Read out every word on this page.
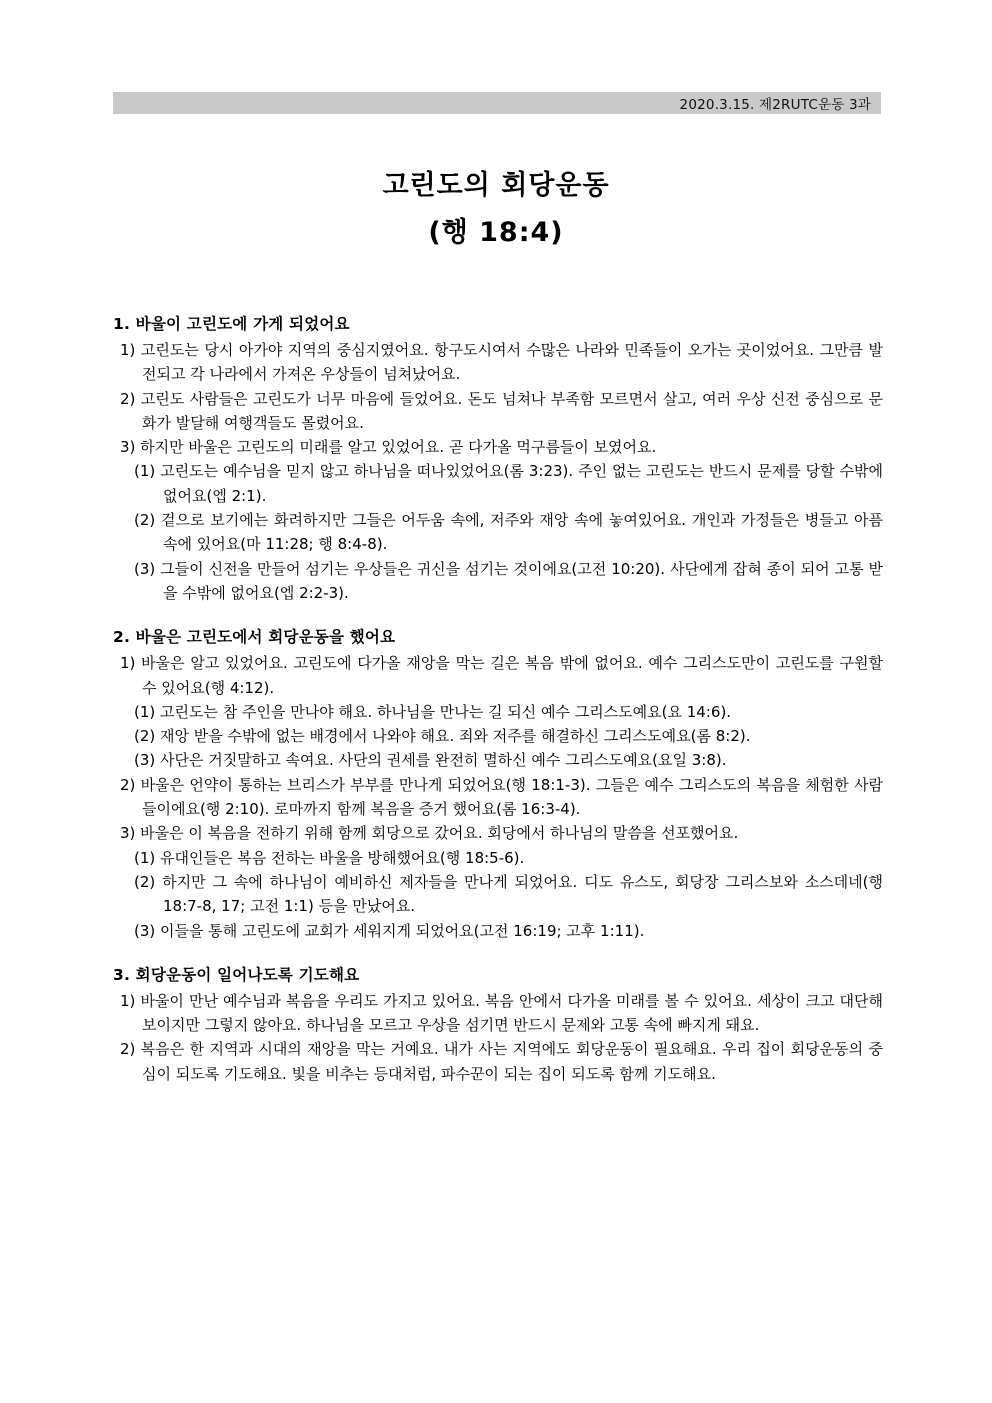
2020.3.15. 제2RUTC운동 3과
고린도의 회당운동
(행 18:4)
1. 바울이 고린도에 가게 되었어요
1) 고린도는 당시 아가야 지역의 중심지였어요. 항구도시여서 수많은 나라와 민족들이 오가는 곳이었어요. 그만큼 발전되고 각 나라에서 가져온 우상들이 넘쳐났어요.
2) 고린도 사람들은 고린도가 너무 마음에 들었어요. 돈도 넘쳐나 부족함 모르면서 살고, 여러 우상 신전 중심으로 문화가 발달해 여행객들도 몰렸어요.
3) 하지만 바울은 고린도의 미래를 알고 있었어요. 곧 다가올 먹구름들이 보였어요.
(1) 고린도는 예수님을 믿지 않고 하나님을 떠나있었어요(롬 3:23). 주인 없는 고린도는 반드시 문제를 당할 수밖에 없어요(엡 2:1).
(2) 겉으로 보기에는 화려하지만 그들은 어두움 속에, 저주와 재앙 속에 놓여있어요. 개인과 가정들은 병들고 아픔 속에 있어요(마 11:28; 행 8:4-8).
(3) 그들이 신전을 만들어 섬기는 우상들은 귀신을 섬기는 것이에요(고전 10:20). 사단에게 잡혀 종이 되어 고통 받을 수밖에 없어요(엡 2:2-3).
2. 바울은 고린도에서 회당운동을 했어요
1) 바울은 알고 있었어요. 고린도에 다가올 재앙을 막는 길은 복음 밖에 없어요. 예수 그리스도만이 고린도를 구원할 수 있어요(행 4:12).
(1) 고린도는 참 주인을 만나야 해요. 하나님을 만나는 길 되신 예수 그리스도예요(요 14:6).
(2) 재앙 받을 수밖에 없는 배경에서 나와야 해요. 죄와 저주를 해결하신 그리스도예요(롬 8:2).
(3) 사단은 거짓말하고 속여요. 사단의 권세를 완전히 멸하신 예수 그리스도예요(요일 3:8).
2) 바울은 언약이 통하는 브리스가 부부를 만나게 되었어요(행 18:1-3). 그들은 예수 그리스도의 복음을 체험한 사람들이에요(행 2:10). 로마까지 함께 복음을 증거 했어요(롬 16:3-4).
3) 바울은 이 복음을 전하기 위해 함께 회당으로 갔어요. 회당에서 하나님의 말씀을 선포했어요.
(1) 유대인들은 복음 전하는 바울을 방해했어요(행 18:5-6).
(2) 하지만 그 속에 하나님이 예비하신 제자들을 만나게 되었어요. 디도 유스도, 회당장 그리스보와 소스데네(행 18:7-8, 17; 고전 1:1) 등을 만났어요.
(3) 이들을 통해 고린도에 교회가 세워지게 되었어요(고전 16:19; 고후 1:11).
3. 회당운동이 일어나도록 기도해요
1) 바울이 만난 예수님과 복음을 우리도 가지고 있어요. 복음 안에서 다가올 미래를 볼 수 있어요. 세상이 크고 대단해 보이지만 그렇지 않아요. 하나님을 모르고 우상을 섬기면 반드시 문제와 고통 속에 빠지게 돼요.
2) 복음은 한 지역과 시대의 재앙을 막는 거예요. 내가 사는 지역에도 회당운동이 필요해요. 우리 집이 회당운동의 중심이 되도록 기도해요. 빛을 비추는 등대처럼, 파수꾼이 되는 집이 되도록 함께 기도해요.
